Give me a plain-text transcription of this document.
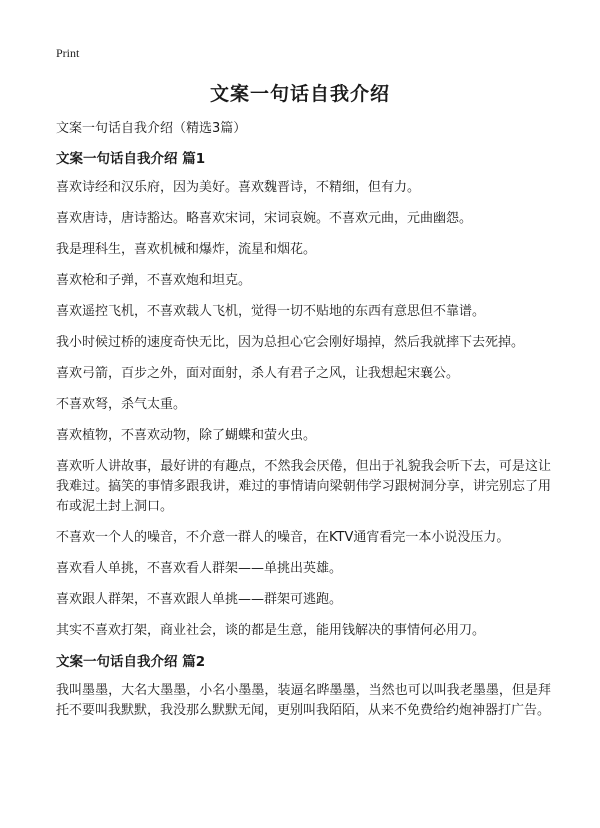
Print
文案一句话自我介绍

文案一句话自我介绍（精选3篇）

文案一句话自我介绍 篇1

喜欢诗经和汉乐府，因为美好。喜欢魏晋诗，不精细，但有力。

喜欢唐诗，唐诗豁达。略喜欢宋词，宋词哀婉。不喜欢元曲，元曲幽怨。

我是理科生，喜欢机械和爆炸，流星和烟花。

喜欢枪和子弹，不喜欢炮和坦克。

喜欢遥控飞机，不喜欢载人飞机，觉得一切不贴地的东西有意思但不靠谱。

我小时候过桥的速度奇快无比，因为总担心它会刚好塌掉，然后我就摔下去死掉。

喜欢弓箭，百步之外，面对面射，杀人有君子之风，让我想起宋襄公。

不喜欢弩，杀气太重。

喜欢植物，不喜欢动物，除了蝴蝶和萤火虫。

喜欢听人讲故事，最好讲的有趣点，不然我会厌倦，但出于礼貌我会听下去，可是这让我难过。搞笑的事情多跟我讲，难过的事情请向梁朝伟学习跟树洞分享，讲完别忘了用布或泥土封上洞口。

不喜欢一个人的噪音，不介意一群人的噪音，在KTV通宵看完一本小说没压力。

喜欢看人单挑，不喜欢看人群架——单挑出英雄。

喜欢跟人群架，不喜欢跟人单挑——群架可逃跑。

其实不喜欢打架，商业社会，谈的都是生意，能用钱解决的事情何必用刀。

文案一句话自我介绍 篇2

我叫墨墨，大名大墨墨，小名小墨墨，装逼名晔墨墨，当然也可以叫我老墨墨，但是拜托不要叫我默默，我没那么默默无闻，更别叫我陌陌，从来不免费给约炮神器打广告。
